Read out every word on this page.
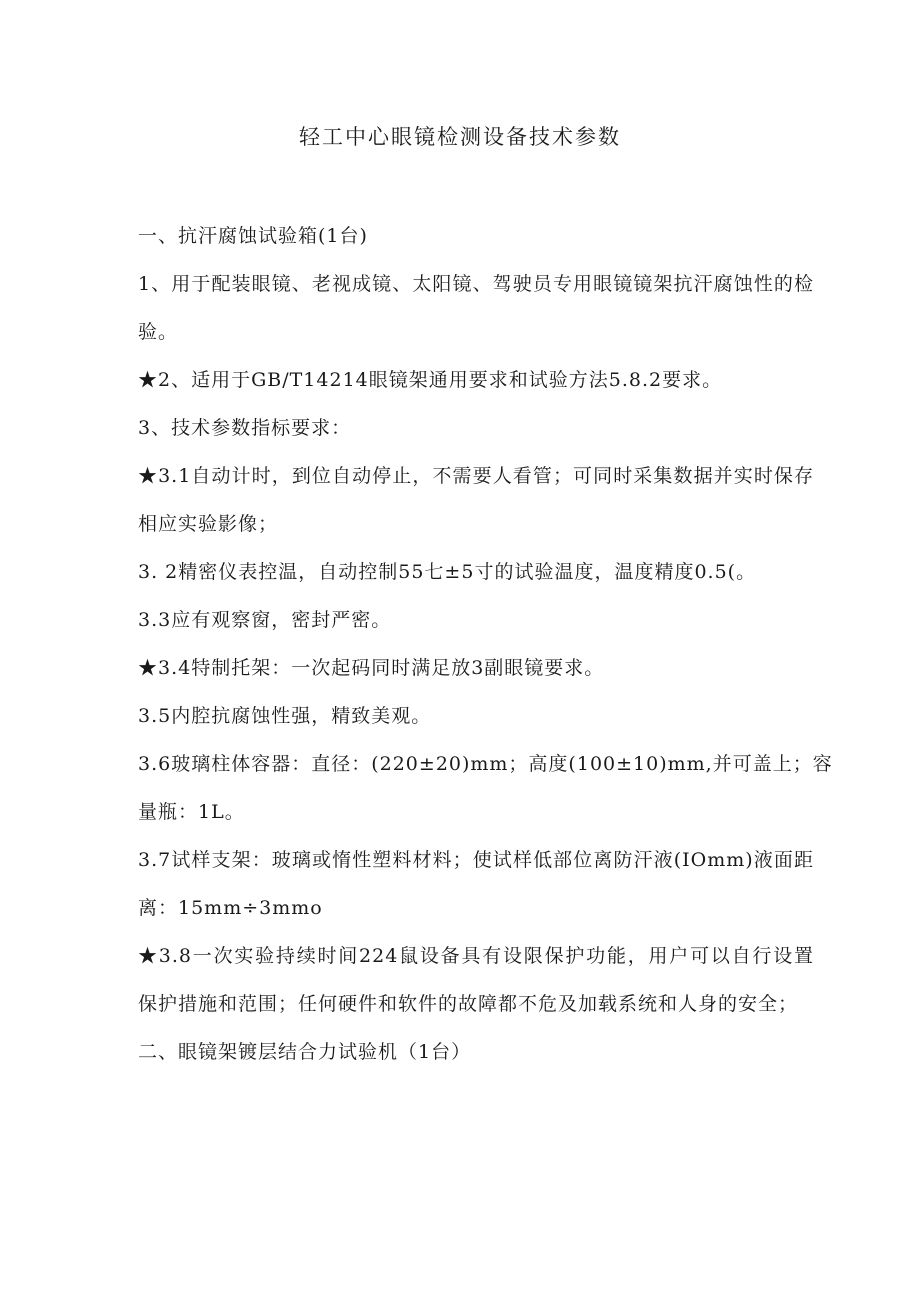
轻工中心眼镜检测设备技术参数
一、抗汗腐蚀试验箱(1台)
1、用于配装眼镜、老视成镜、太阳镜、驾驶员专用眼镜镜架抗汗腐蚀性的检
验。
★2、适用于GB/T14214眼镜架通用要求和试验方法5.8.2要求。
3、技术参数指标要求：
★3.1自动计时，到位自动停止，不需要人看管；可同时采集数据并实时保存
相应实验影像；
3. 2精密仪表控温，自动控制55七±5寸的试验温度，温度精度0.5(。
3.3应有观察窗，密封严密。
★3.4特制托架：一次起码同时满足放3副眼镜要求。
3.5内腔抗腐蚀性强，精致美观。
3.6玻璃柱体容器：直径：(220±20)mm；高度(100±10)mm,并可盖上；容
量瓶：1L。
3.7试样支架：玻璃或惰性塑料材料；使试样低部位离防汗液(IOmm)液面距
离：15mm÷3mmo
★3.8一次实验持续时间224鼠设备具有设限保护功能，用户可以自行设置
保护措施和范围；任何硬件和软件的故障都不危及加载系统和人身的安全；
二、眼镜架镀层结合力试验机（1台）
